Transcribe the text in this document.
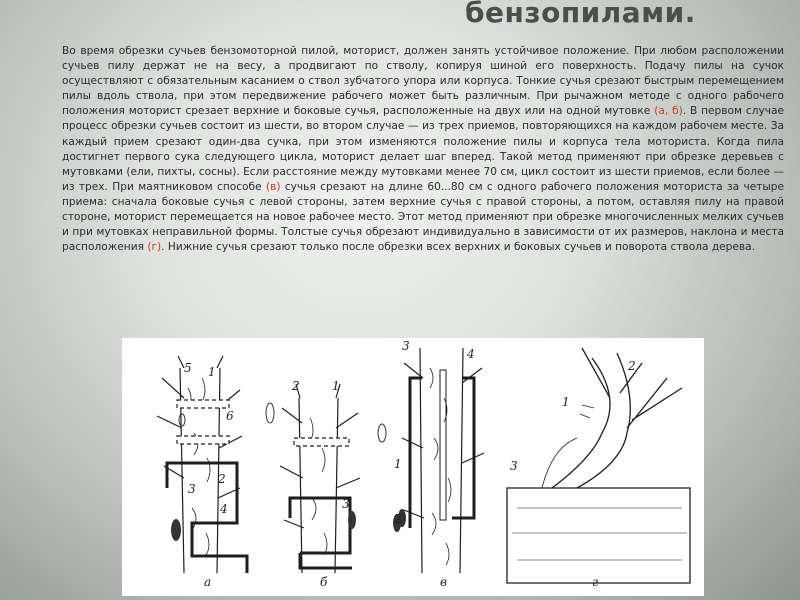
бензопилами.
Во время обрезки сучьев бензомоторной пилой, моторист, должен занять устойчивое положение. При любом расположении сучьев пилу держат не на весу, а продвигают по стволу, копируя шиной его поверхность. Подачу пилы на сучок осуществляют с обязательным касанием о ствол зубчатого упора или корпуса. Тонкие сучья срезают быстрым перемещением пилы вдоль ствола, при этом передвижение рабочего может быть различным. При рычажном методе с одного рабочего положения моторист срезает верхние и боковые сучья, расположенные на двух или на одной мутовке (а, б). В первом случае процесс обрезки сучьев состоит из шести, во втором случае — из трех приемов, повторяющихся на каждом рабочем месте. За каждый прием срезают один-два сучка, при этом изменяются положение пилы и корпуса тела моториста. Когда пила достигнет первого сука следующего цикла, моторист делает шаг вперед. Такой метод применяют при обрезке деревьев с мутовками (ели, пихты, сосны). Если расстояние между мутовками менее 70 см, цикл состоит из шести приемов, если более — из трех. При маятниковом способе (в) сучья срезают на длине 60...80 см с одного рабочего положения моториста за четыре приема: сначала боковые сучья с левой стороны, затем верхние сучья с правой стороны, а потом, оставляя пилу на правой стороне, моторист перемещается на новое рабочее место. Этот метод применяют при обрезке многочисленных мелких сучьев и при мутовках неправильной формы. Толстые сучья обрезают индивидуально в зависимости от их размеров, наклона и места расположения (г). Нижние сучья срезают только после обрезки всех верхних и боковых сучьев и поворота ствола дерева.
а
1
5
6
2
3
4
б
2	1
3
в
3
4
1
2
г
2
1
3
